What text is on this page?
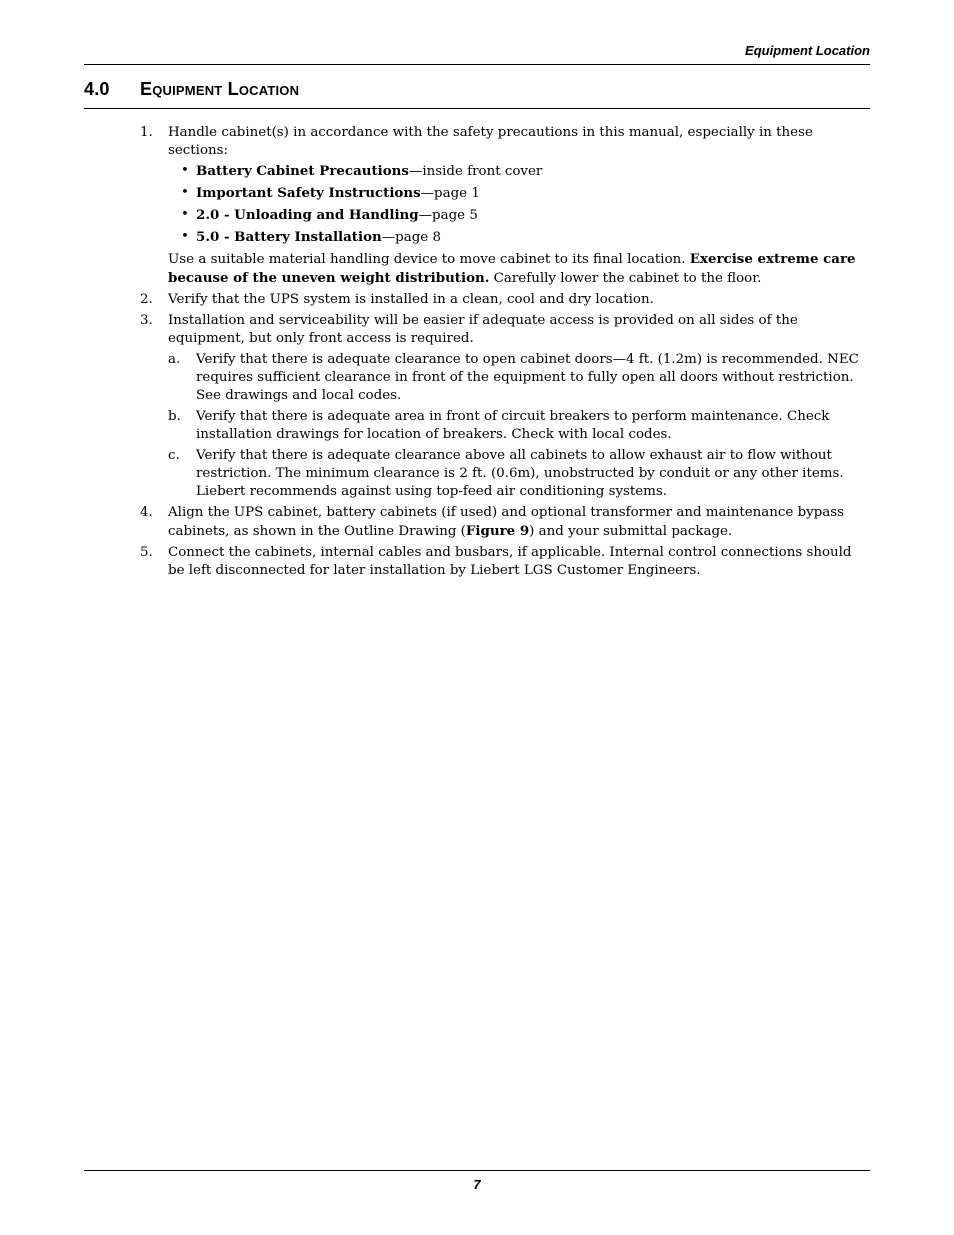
Equipment Location
4.0 Equipment Location
1. Handle cabinet(s) in accordance with the safety precautions in this manual, especially in these sections:

• Battery Cabinet Precautions—inside front cover
• Important Safety Instructions—page 1
• 2.0 - Unloading and Handling—page 5
• 5.0 - Battery Installation—page 8

Use a suitable material handling device to move cabinet to its final location. Exercise extreme care because of the uneven weight distribution. Carefully lower the cabinet to the floor.

2. Verify that the UPS system is installed in a clean, cool and dry location.

3. Installation and serviceability will be easier if adequate access is provided on all sides of the equipment, but only front access is required.

a. Verify that there is adequate clearance to open cabinet doors—4 ft. (1.2m) is recommended. NEC requires sufficient clearance in front of the equipment to fully open all doors without restriction. See drawings and local codes.

b. Verify that there is adequate area in front of circuit breakers to perform maintenance. Check installation drawings for location of breakers. Check with local codes.

c. Verify that there is adequate clearance above all cabinets to allow exhaust air to flow without restriction. The minimum clearance is 2 ft. (0.6m), unobstructed by conduit or any other items. Liebert recommends against using top-feed air conditioning systems.

4. Align the UPS cabinet, battery cabinets (if used) and optional transformer and maintenance bypass cabinets, as shown in the Outline Drawing (Figure 9) and your submittal package.

5. Connect the cabinets, internal cables and busbars, if applicable. Internal control connections should be left disconnected for later installation by Liebert LGS Customer Engineers.

7
